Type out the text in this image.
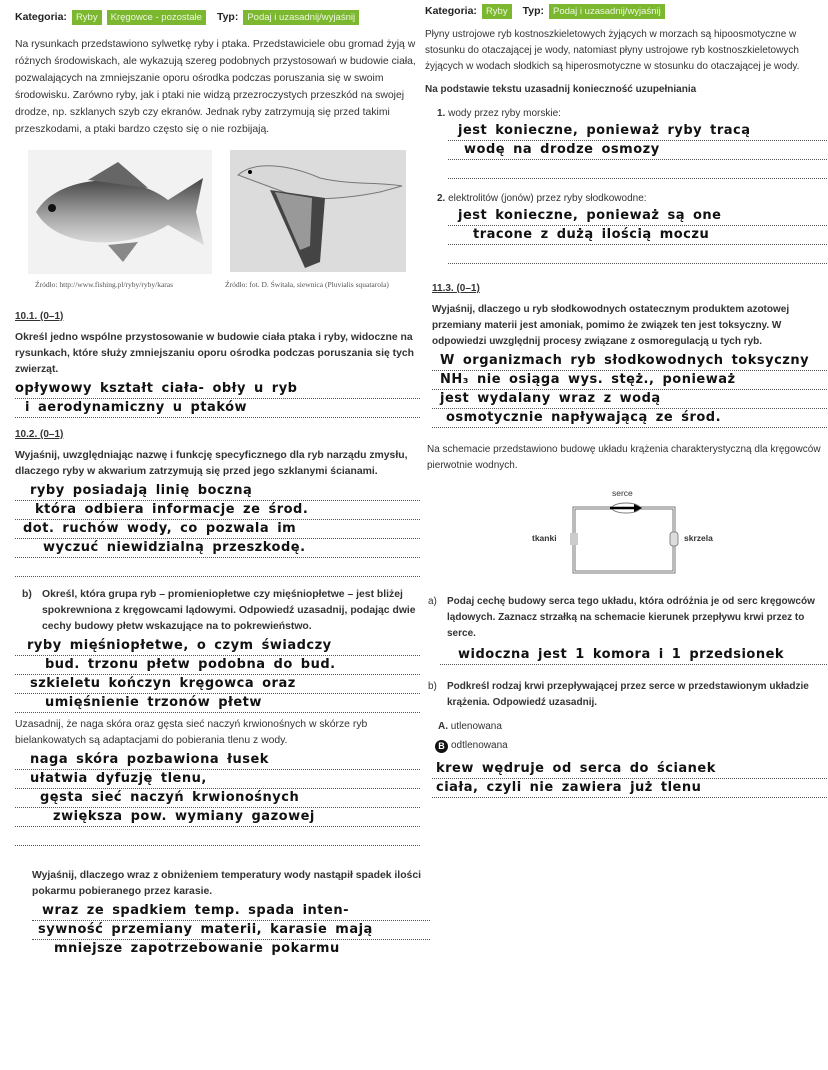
Kategoria: Ryby	Kręgowce - pozostałe	Typ: Podaj i uzasadnij/wyjaśnij
Na rysunkach przedstawiono sylwetkę ryby i ptaka. Przedstawiciele obu gromad żyją w różnych środowiskach, ale wykazują szereg podobnych przystosowań w budowie ciała, pozwalających na zmniejszanie oporu ośrodka podczas poruszania się w swoim środowisku. Zarówno ryby, jak i ptaki nie widzą przezroczystych przeszkód na swojej drodze, np. szklanych szyb czy ekranów. Jednak ryby zatrzymują się przed takimi przeszkodami, a ptaki bardzo często się o nie rozbijają.
Źródło: http://www.fishing.pl/ryby/ryby/karas	Źródło: fot. D. Świtała, siewnica (Pluvialis squatarola)
10.1. (0–1)
Określ jedno wspólne przystosowanie w budowie ciała ptaka i ryby, widoczne na rysunkach, które służy zmniejszaniu oporu ośrodka podczas poruszania się tych zwierząt.
opływowy kształt ciała- obły u ryb
i aerodynamiczny u ptaków
10.2. (0–1)
Wyjaśnij, uwzględniając nazwę i funkcję specyficznego dla ryb narządu zmysłu, dlaczego ryby w akwarium zatrzymują się przed jego szklanymi ścianami.
ryby posiadają linię boczną
która odbiera informacje ze środ.
dot. ruchów wody, co pozwala im
wyczuć niewidzialną przeszkodę.
b) Określ, która grupa ryb – promieniopłetwe czy mięśniopłetwe – jest bliżej spokrewniona z kręgowcami lądowymi. Odpowiedź uzasadnij, podając dwie cechy budowy płetw wskazujące na to pokrewieństwo.
ryby mięśniopłetwe, o czym świadczy
bud. trzonu płetw podobna do bud.
szkieletu kończyn kręgowca oraz
umięśnienie trzonów płetw
Uzasadnij, że naga skóra oraz gęsta sieć naczyń krwionośnych w skórze ryb bielankowatych są adaptacjami do pobierania tlenu z wody.
naga skóra pozbawiona łusek
ułatwia dyfuzję tlenu,
gęsta sieć naczyń krwionośnych
zwiększa pow. wymiany gazowej
Wyjaśnij, dlaczego wraz z obniżeniem temperatury wody nastąpił spadek ilości pokarmu pobieranego przez karasie.
wraz ze spadkiem temp. spada inten-
sywność przemiany materii, karasie mają
mniejsze zapotrzebowanie pokarmu
Kategoria: Ryby	Typ: Podaj i uzasadnij/wyjaśnij
Płyny ustrojowe ryb kostnoszkieletowych żyjących w morzach są hipoosmotyczne w stosunku do otaczającej je wody, natomiast płyny ustrojowe ryb kostnoszkieletowych żyjących w wodach słodkich są hiperosmotyczne w stosunku do otaczającej je wody.
Na podstawie tekstu uzasadnij konieczność uzupełniania
1. wody przez ryby morskie:
jest konieczne, ponieważ ryby tracą
wodę na drodze osmozy
2. elektrolitów (jonów) przez ryby słodkowodne:
jest konieczne, ponieważ są one
tracone z dużą ilością moczu
11.3. (0–1)
Wyjaśnij, dlaczego u ryb słodkowodnych ostatecznym produktem azotowej przemiany materii jest amoniak, pomimo że związek ten jest toksyczny. W odpowiedzi uwzględnij procesy związane z osmoregulacją u tych ryb.
W organizmach ryb słodkowodnych toksyczny
NH₃ nie osiąga wys. stęż., ponieważ
jest wydalany wraz z wodą
osmotycznie napływającą ze środ.
Na schemacie przedstawiono budowę układu krążenia charakterystyczną dla kręgowców pierwotnie wodnych.
serce
tkanki	skrzela
a)	Podaj cechę budowy serca tego układu, która odróżnia je od serc kręgowców lądowych. Zaznacz strzałką na schemacie kierunek przepływu krwi przez to serce.
widoczna jest 1 komora i 1 przedsionek
b)	Podkreśl rodzaj krwi przepływającej przez serce w przedstawionym układzie krążenia. Odpowiedź uzasadnij.
A. utlenowana
B odtlenowana
krew wędruje od serca do ścianek
ciała, czyli nie zawiera już tlenu
